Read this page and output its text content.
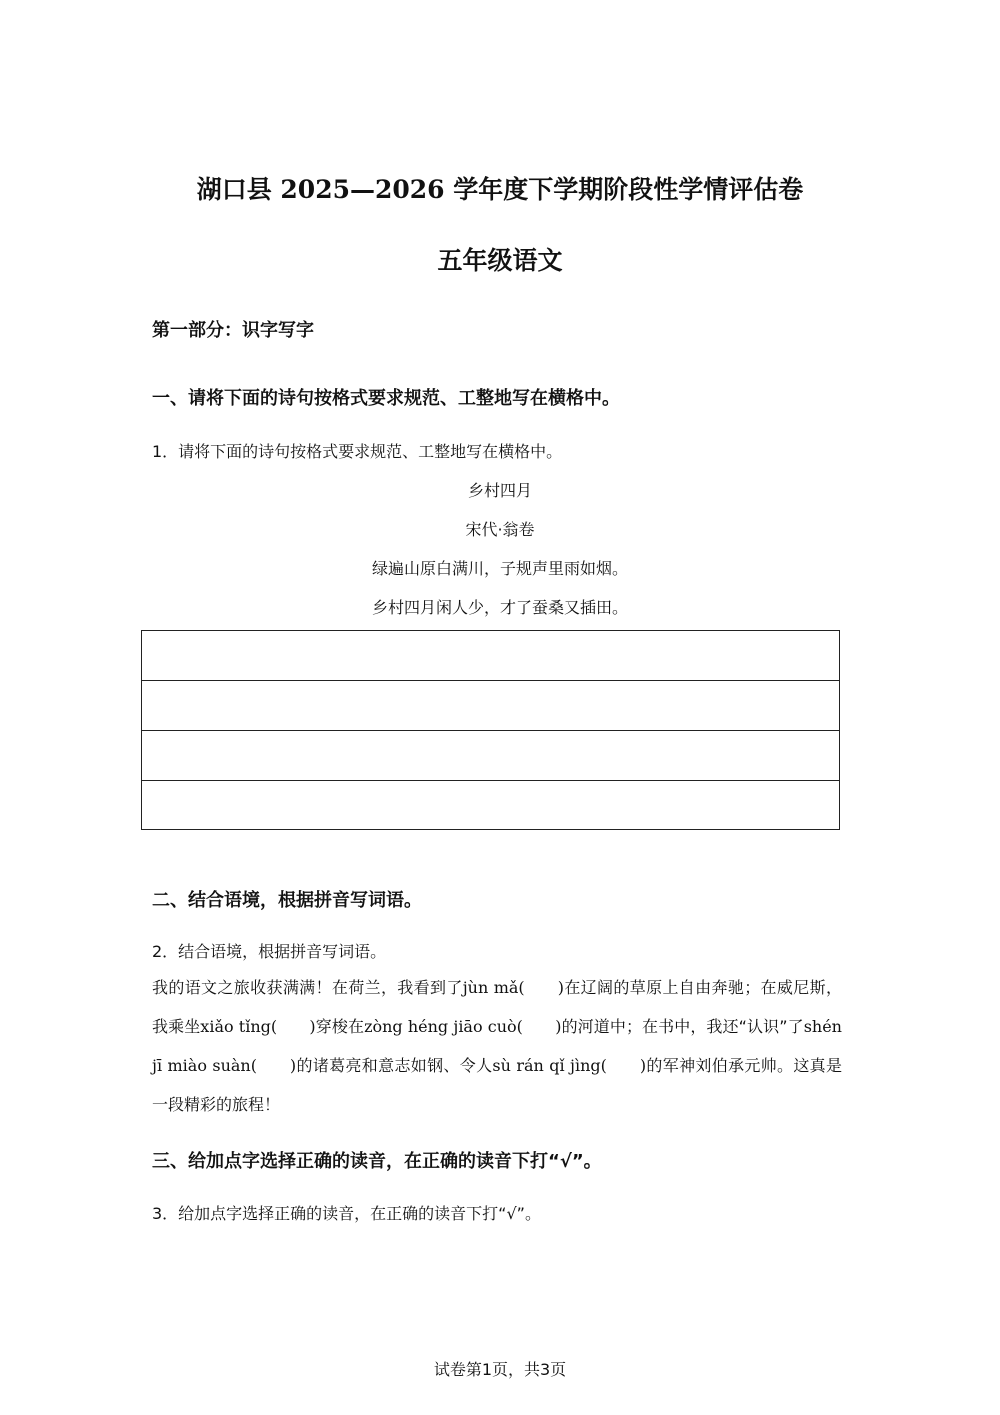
湖口县 2025—2026 学年度下学期阶段性学情评估卷
五年级语文
第一部分：识字写字
一、请将下面的诗句按格式要求规范、工整地写在横格中。
1．请将下面的诗句按格式要求规范、工整地写在横格中。
乡村四月
宋代·翁卷
绿遍山原白满川，子规声里雨如烟。
乡村四月闲人少，才了蚕桑又插田。
二、结合语境，根据拼音写词语。
2．结合语境，根据拼音写词语。
我的语文之旅收获满满！在荷兰，我看到了jùn mǎ(　　)在辽阔的草原上自由奔驰；在威尼斯，我乘坐xiǎo tǐng(　　)穿梭在zòng héng jiāo cuò(　　)的河道中；在书中，我还“认识”了shén jī miào suàn(　　)的诸葛亮和意志如钢、令人sù rán qǐ jìng(　　)的军神刘伯承元帅。这真是一段精彩的旅程！
三、给加点字选择正确的读音，在正确的读音下打“√”。
3．给加点字选择正确的读音，在正确的读音下打“√”。
试卷第1页，共3页
